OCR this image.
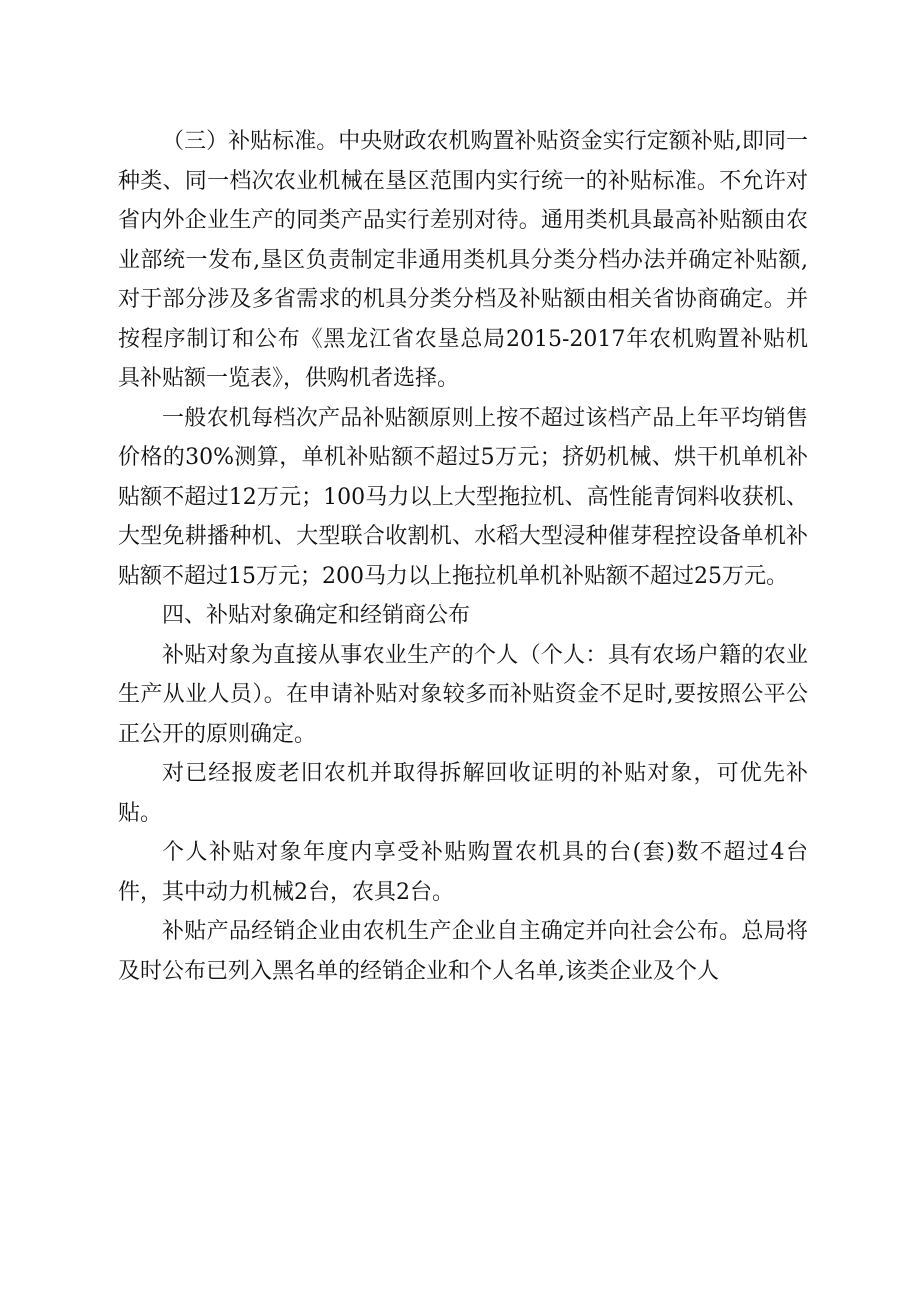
（三）补贴标准。中央财政农机购置补贴资金实行定额补贴,即同一种类、同一档次农业机械在垦区范围内实行统一的补贴标准。不允许对省内外企业生产的同类产品实行差别对待。通用类机具最高补贴额由农业部统一发布,垦区负责制定非通用类机具分类分档办法并确定补贴额,对于部分涉及多省需求的机具分类分档及补贴额由相关省协商确定。并按程序制订和公布《黑龙江省农垦总局2015-2017年农机购置补贴机具补贴额一览表》，供购机者选择。

一般农机每档次产品补贴额原则上按不超过该档产品上年平均销售价格的30%测算，单机补贴额不超过5万元；挤奶机械、烘干机单机补贴额不超过12万元；100马力以上大型拖拉机、高性能青饲料收获机、大型免耕播种机、大型联合收割机、水稻大型浸种催芽程控设备单机补贴额不超过15万元；200马力以上拖拉机单机补贴额不超过25万元。

四、补贴对象确定和经销商公布

补贴对象为直接从事农业生产的个人（个人：具有农场户籍的农业生产从业人员）。在申请补贴对象较多而补贴资金不足时,要按照公平公正公开的原则确定。

对已经报废老旧农机并取得拆解回收证明的补贴对象，可优先补贴。

个人补贴对象年度内享受补贴购置农机具的台(套)数不超过4台件，其中动力机械2台，农具2台。

补贴产品经销企业由农机生产企业自主确定并向社会公布。总局将及时公布已列入黑名单的经销企业和个人名单,该类企业及个人
